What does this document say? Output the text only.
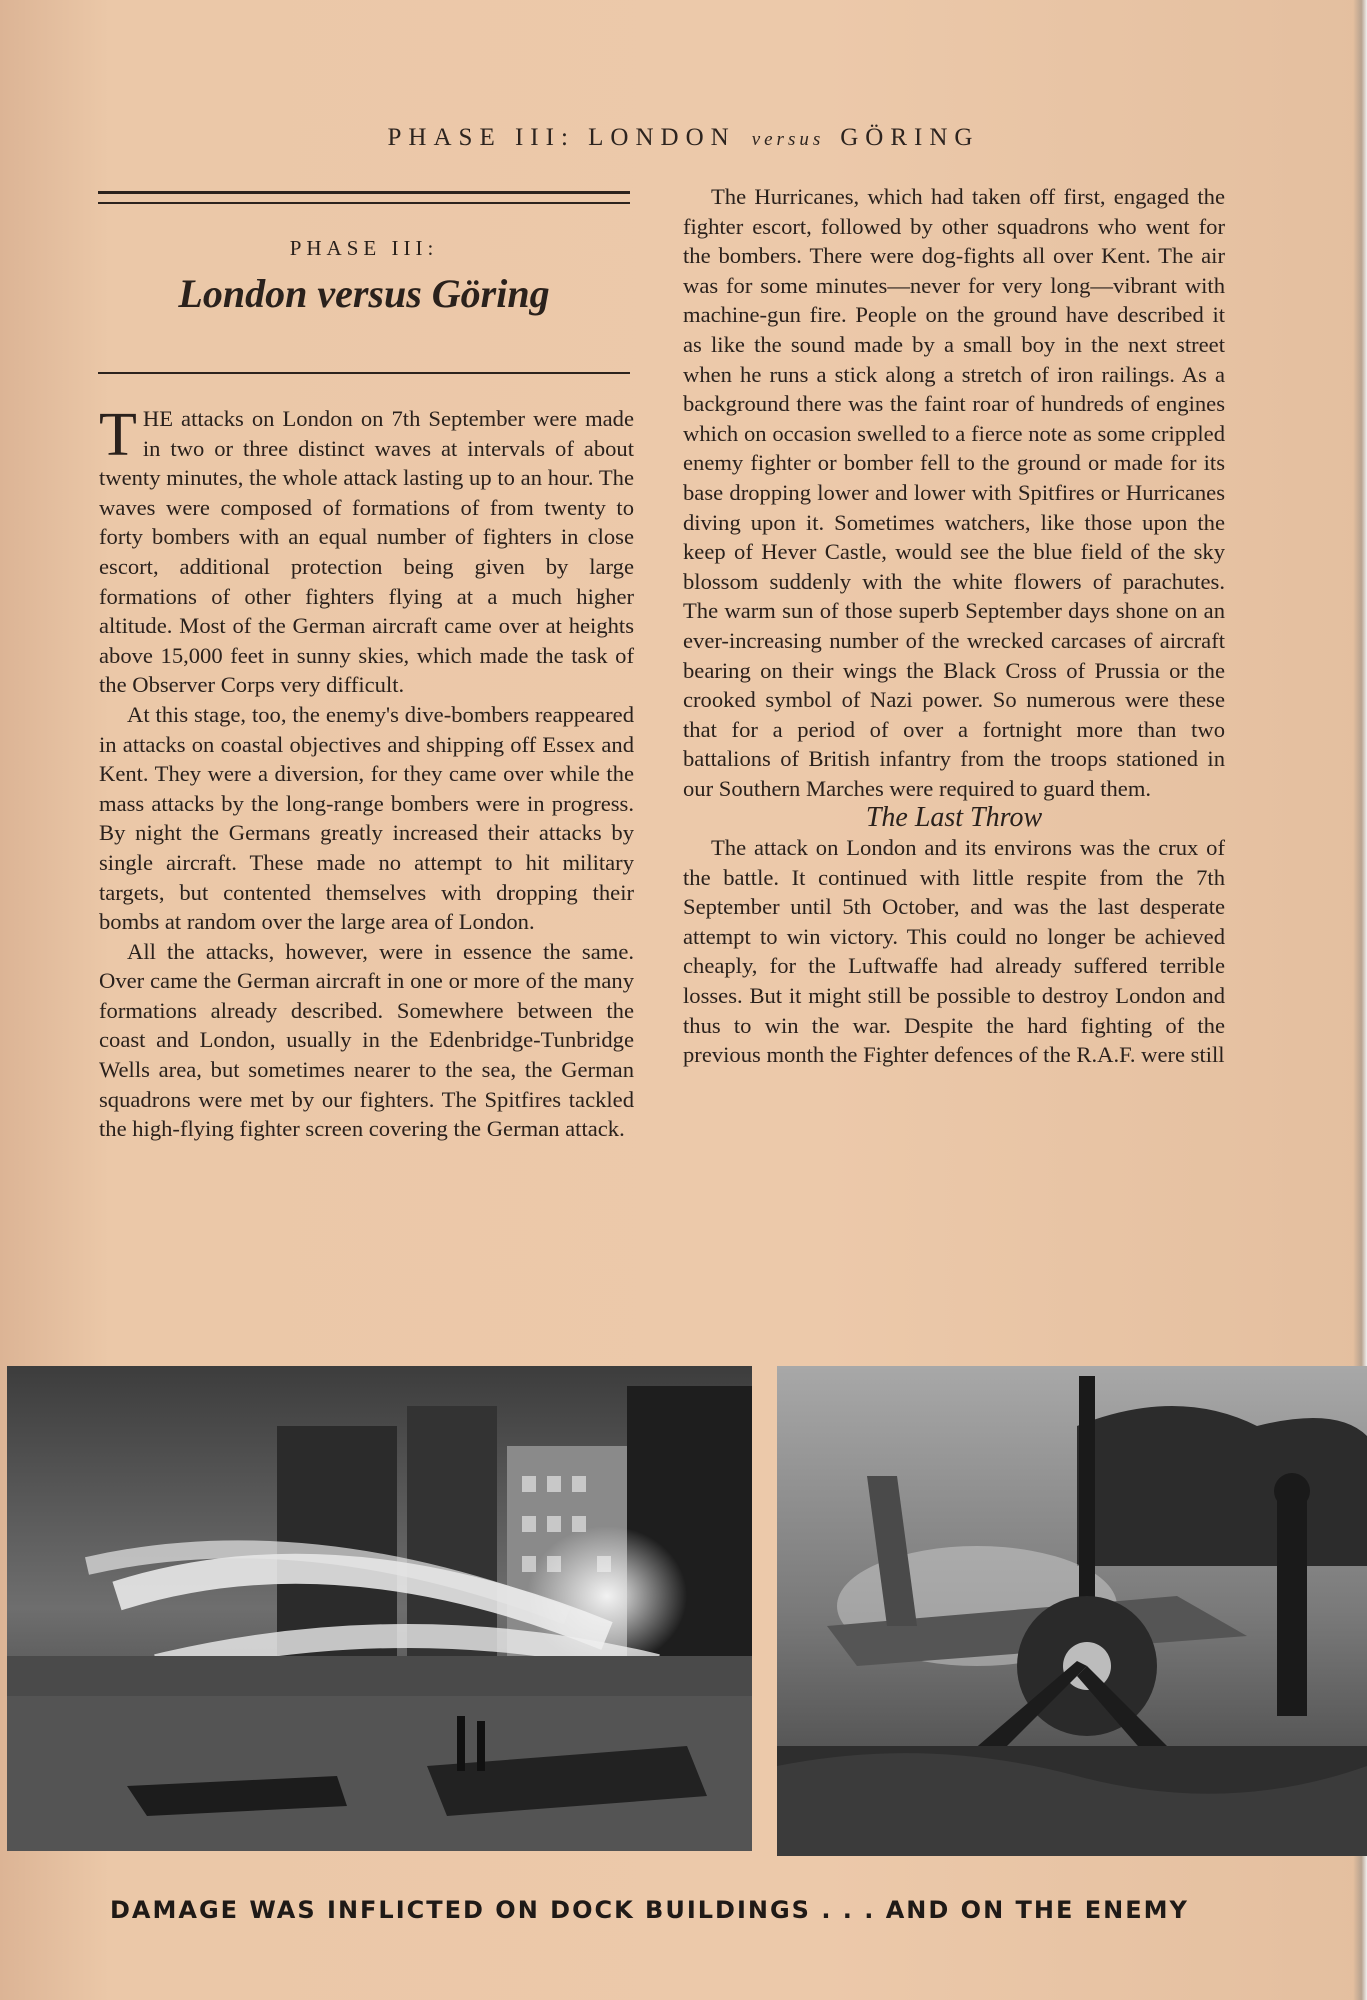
PHASE III: LONDON versus GÖRING
PHASE III:
London versus Göring

THE attacks on London on 7th September were made in two or three distinct waves at intervals of about twenty minutes, the whole attack lasting up to an hour. The waves were composed of formations of from twenty to forty bombers with an equal number of fighters in close escort, additional protection being given by large formations of other fighters flying at a much higher altitude. Most of the German aircraft came over at heights above 15,000 feet in sunny skies, which made the task of the Observer Corps very difficult.

At this stage, too, the enemy's dive-bombers reappeared in attacks on coastal objectives and shipping off Essex and Kent. They were a diversion, for they came over while the mass attacks by the long-range bombers were in progress. By night the Germans greatly increased their attacks by single aircraft. These made no attempt to hit military targets, but contented themselves with dropping their bombs at random over the large area of London.

All the attacks, however, were in essence the same. Over came the German aircraft in one or more of the many formations already described. Somewhere between the coast and London, usually in the Edenbridge-Tunbridge Wells area, but sometimes nearer to the sea, the German squadrons were met by our fighters. The Spitfires tackled the high-flying fighter screen covering the German attack.

The Hurricanes, which had taken off first, engaged the fighter escort, followed by other squadrons who went for the bombers. There were dog-fights all over Kent. The air was for some minutes—never for very long—vibrant with machine-gun fire. People on the ground have described it as like the sound made by a small boy in the next street when he runs a stick along a stretch of iron railings. As a background there was the faint roar of hundreds of engines which on occasion swelled to a fierce note as some crippled enemy fighter or bomber fell to the ground or made for its base dropping lower and lower with Spitfires or Hurricanes diving upon it. Sometimes watchers, like those upon the keep of Hever Castle, would see the blue field of the sky blossom suddenly with the white flowers of parachutes. The warm sun of those superb September days shone on an ever-increasing number of the wrecked carcases of aircraft bearing on their wings the Black Cross of Prussia or the crooked symbol of Nazi power. So numerous were these that for a period of over a fortnight more than two battalions of British infantry from the troops stationed in our Southern Marches were required to guard them.

The Last Throw

The attack on London and its environs was the crux of the battle. It continued with little respite from the 7th September until 5th October, and was the last desperate attempt to win victory. This could no longer be achieved cheaply, for the Luftwaffe had already suffered terrible losses. But it might still be possible to destroy London and thus to win the war. Despite the hard fighting of the previous month the Fighter defences of the R.A.F. were still

DAMAGE WAS INFLICTED ON DOCK BUILDINGS . . . AND ON THE ENEMY
